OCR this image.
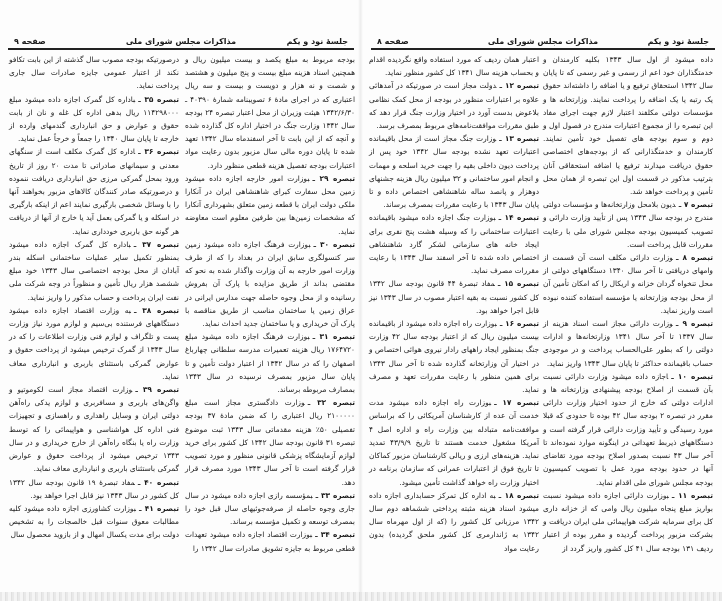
جلسهٔ نود و یکم
مذاکرات مجلس شورای ملی
صفحه ۹

بودجه مربوط به مبلغ یکصد و بیست میلیون ریال و همچنین اسناد هزینه مبلغ بیست و پنج میلیون و هشتصد و شصت و نه هزار و دویست و بیست و سه ریال اعتباری که در اجرای مادهٔ ۶ تصویبنامه شمارهٔ ۴۰۳۹۰ ـ ۱۳۴۲/۶/۳۰ هیئت وزیران از محل اعتبار تبصره ۲۴ بودجه سال ۱۳۴۲ وزارت جنگ در اختیار اداره کل گذارده شده و آنچه که از این بابت تا آخر اسفندماه سال ۱۳۴۲ تعهد شده تا پایان دوره مالی سال مزبور بدون رعایت مواد اعتبارات بودجه تفصیل هزینه قطعی منظور دارد.

تبصره ۲۹ ـبوزارت امور خارجه اجازه داده میشود زمین محل سفارت کبرای شاهنشاهی ایران در آنکارا ملکی دولت ایران با قطعه زمین متعلق بشهرداری آنکارا که مشخصات زمین‌ها بین طرفین معلوم است معاوضه نماید.

تبصره ۳۰ ـبوزارت فرهنگ اجازه داده میشود زمین سر کنسولگری سابق ایران در بغداد را که از طرف وزارت امور خارجه به آن وزارت واگذار شده به نحو که مقتضی بداند از طریق مزایده با پارک آن بفروش رسانیده و از محل وجوه حاصله جهت مدارس ایرانی در عراق زمین یا ساختمان مناسب از طریق مناقصه با پارک آن خریداری و یا ساختمان جدید احداث نماید.

تبصره ۳۱ ـبوزارت فرهنگ اجازه داده میشود مبلغ ۱۷۶۴۷۲۰ ریال هزینه تعمیرات مدرسه سلطانی چهارباغ اصفهان را که در سال ۱۳۴۲ از اعتبار دولت تأمین و تا پایان سال مزبور بمصرف نرسیده در سال ۱۳۴۳ بمصارف مربوطه برساند.

تبصره ۳۲ ـوزارت دادگستری مجاز است مبلغ ۲۱۰۰۰۰۰ ریال اعتباری را که ضمن مادهٔ ۳۷ بودجه تفصیلی ۵۰٪ هزینه مقدماتی سال ۱۳۴۳ ثبت موضوع تبصره ۳۱ قانون بودجه سال ۱۳۴۲ کل کشور برای خرید لوازم آزمایشگاه پزشکی قانونی منظور و مورد تصویب قرار گرفته است تا آخر سال ۱۳۴۳ مورد مصرف قرار دهد.

تبصره ۳۳ ـبمؤسسه رازی اجازه داده میشود در سال جاری وجوه حاصله از صرفه‌جوئیهای سال قبل خود را بمصرف توسعه و تکمیل مؤسسه برساند.

تبصره ۳۴ ـبوزارت اقتصاد اجازه داده میشود تعهدات قطعی مربوط به جایزه تشویق صادرات سال ۱۳۴۲ را

درصورتیکه بودجه مصوب سال گذشته از این بابت تکافو نکند از اعتبار عمومی جایزه صادرات سال جاری پرداخت نماید.

تبصره ۳۵ ـباداره کل گمرک اجازه داده میشود مبلغ ۱۱۴۲۹۸۰۰۰ ریال بدهی اداره کل غله و نان از بابت حقوق و عوارض و حق انبارداری گندمهای وارده از خارجه تا پایان سال ۱۳۴۰ را جمعاً و خرجاً عمل نماید.

تبصره ۳۶ ـاداره کل گمرک مکلف است از سنگهای معدنی و سیمانهای صادراتی تا مدت ۲۰ روز از تاریخ ورود بمحل گمرکی مرزی حق انبارداری دریافت ننموده و درصورتیکه صادر کنندگان کالاهای مزبور بخواهند آنها را با وسائل شخصی بارگیری نمایند اعم از اینکه بارگیری در اسکله و یا گمرکی بعمل آید یا خارج از آنها از دریافت هر گونه حق باربری خودداری نماید.

تبصره ۳۷ ـباداره کل گمرک اجازه داده میشود بمنظور تکمیل سایر عملیات ساختمانی اسکله بندر آبادان از محل بودجه اختصاصی سال ۱۳۴۳ خود مبلغ ششصد هزار ریال تأمین و منظوراً در وجه شرکت ملی نفت ایران پرداخت و حساب مذکور را واریز نماید.

تبصره ۳۸ ـبه وزارت اقتصاد اجازه داده میشود دستگاههای فرستنده بی‌سیم و لوازم مورد نیاز وزارت پست و تلگراف و لوازم فنی وزارت اطلاعات را که در سال ۱۳۴۳ از گمرک ترخیص میشود از پرداخت حقوق و عوارض گمرکی باستثنای باربری و انبارداری معاف نماید.

تبصره ۳۹ ـوزارت اقتصاد مجاز است لکوموتیو و واگن‌های باربری و مسافربری و لوازم یدکی راه‌آهن دولتی ایران و وسایل راهداری و راهسازی و تجهیزات فنی اداره کل هواشناسی و هواپیمائی را که توسط وزارت راه یا بنگاه راه‌آهن از خارج خریداری و در سال ۱۳۴۳ ترخیص میشود از پرداخت حقوق و عوارض گمرکی باستثنای باربری و انبارداری معاف نماید.

تبصره ۴۰ ـمفاد تبصرهٔ ۱۹ قانون بودجه سال ۱۳۴۲ کل کشور در سال ۱۳۴۳ نیز قابل اجرا خواهد بود.

تبصره ۴۱ ـبوزارت کشاورزی اجازه داده میشود کلیه مطالبات معوق سنوات قبل خالصجات را به تشخیص دولت برای مدت یکسال امهال و از بازوید محصول سال

جلسهٔ نود و یکم
مذاکرات مجلس شورای ملی
صفحه ۸

داده میشود از اول سال ۱۳۴۳ بکلیه کارمندان و خدمتگذاران خود اعم از رسمی و غیر رسمی که تا پایان سال ۱۳۴۲ استحقاق ترفیع و یا اضافه را داشته‌اند حقوق یک رتبه یا یک اضافه را پرداخت نمایند. وزارتخانه ها و مؤسسات دولتی مکلفند اعتبار لازم جهت اجرای مفاد این تبصره را از مجموع اعتبارات مندرج در فصول اول و دوم و سوم بودجه های تفصیل خود تأمین نمایند. کارمندان و خدمتگذارانی که از بودجه‌های اختصاصی حقوق دریافت میدارند ترفیع یا اضافه استحقاقی آنان بترتیب مذکور در قسمت اول این تبصره از همان محل تأمین و پرداخت خواهد شد.

تبصره ۷ ـدیون بلامحل وزارتخانه‌ها و مؤسسات دولتی مندرج در بودجه سال ۱۳۴۳ پس از تأیید وزارت دارائی و تصویب کمیسیون بودجه مجلس شورای ملی با رعایت مقررات قابل پرداخت است.

تبصره ۸ ـوزارت دارائی مکلف است آن قسمت از وامهای دریافتی تا آخر سال ۱۳۴۰ دستگاههای دولتی از محل تنخواه گردان خزانه و اریکال را که امکان تأمین آن از محل بودجه وزارتخانه یا مؤسسه استفاده کننده نبوده است واریز نماید.

تبصره ۹ ـوزارت دارائی مجاز است اسناد هزینه از سال ۱۳۳۷ تا آخر سال ۱۳۴۱ وزارتخانه‌ها و ادارات دولتی را که بطور علی‌الحساب پرداخت و در موجودی حساب باقیمانده حداکثر تا پایان سال ۱۳۴۳ واریز نماید.

تبصره ۱۰ ـاجازه داده میشود وزارت دارائی نسبت بآن قسمت از اصلاح بودجه پیشنهادی وزارتخانه ها و ادارات دولتی که خارج از حدود اختیار وزارت دارائی مقرر در تبصره ۲ بودجه سال ۴۲ بوده تا حدودی که قبلا مورد رسیدگی و تأیید وزارت دارائی قرار گرفته است و دستگاههای ذیربط تعهداتی در اینگونه موارد نموده‌اند تا آخر سال ۴۳ نسبت بصدور اصلاح بودجه مورد تقاضای آنها در حدود بودجه مورد عمل با تصویب کمیسیون بودجه مجلس شورای ملی اقدام نماید.

تبصره ۱۱ ـبوزارت دارائی اجازه داده میشود نسبت بواریز مبلغ پنجاه میلیون ریال وامی که از خزانه داری کل برای سرمایه شرکت هواپیمائی ملی ایران دریافت و بشرکت مزبور پرداخت گردیده و مقرر بوده از اعتبار ردیف ۱۳۱ بودجه سال ۴۱ کل کشور واریز گردد از

اعتبار همان ردیف که مورد استفاده واقع نگردیده اقدام و بحساب هزینه سال ۱۳۴۱ کل کشور منظور نماید.

تبصره ۱۲ ـدولت مجاز است در صورتیکه در آمدهائی علاوه بر اعتبارات منظور در بودجه از محل کمک نظامی بلاعوض بدست آورد در اختیار وزارت جنگ قرار دهد که طبق مقررات موافقت‌نامه‌های مربوط بمصرف برسد.

تبصره ۱۳ ـوزارت جنگ مجاز است از محل باقیمانده اعتبارات تعهد نشده بودجه سال ۱۳۴۲ خود پس از پرداخت دیون داخلی بقیه را جهت خرید اسلحه و مهمات و انجام امور ساختمانی و ۳۲ میلیون ریال هزینه جشنهای دوهزار و پانصد ساله شاهنشاهی اختصاص داده و تا پایان سال ۱۳۴۳ با رعایت مقررات بمصرف برساند.

تبصره ۱۴ ـبوزارت جنگ اجازه داده میشود باقیمانده اعتبارات ساختمانی را که وسیله هشت پنج نفری برای ایجاد خانه های سازمانی لشکر گارد شاهنشاهی اختصاص داده شده تا آخر اسفند سال ۱۳۴۳ با رعایت مقررات مصرف نماید.

تبصره ۱۵ ـمفاد تبصرهٔ ۴۴ قانون بودجه سال ۱۳۴۲ کل کشور نسبت به بقیه اعتبار مصوب در سال ۱۳۴۳ نیز قابل اجرا خواهد بود.

تبصره ۱۶ ـبوزارت راه اجازه داده میشود از باقیمانده بیست میلیون ریال که از اعتبار بودجه سال ۴۲ وزارت جنگ بمنظور ایجاد راههای رادار نیروی هوائی اختصاص و در اختیار آن وزارتخانه گذارده شده تا آخر سال ۱۳۴۳ برای همین منظور با رعایت مقررات تعهد و مصرف نماید.

تبصره ۱۷ ـبوزارت راه اجازه داده میشود مدت خدمت آن عده از کارشناسان آمریکائی را که براساس موافقت‌نامه متبادله بین وزارت راه و اداره اصل ۴ آمریکا مشغول خدمت هستند تا تاریخ ۴۳/۹/۹ تمدید نماید. هزینه‌های ارزی و ریالی کارشناسان مزبور کماکان تا تاریخ فوق از اعتبارات عمرانی که سازمان برنامه در اختیار وزارت راه خواهد گذاشت تأمین میشود.

تبصره ۱۸ ـبه اداره کل تمرکز حسابداری اجازه داده میشود اسناد هزینه مثبته پرداختی ششماهه دوم سال ۱۳۴۲ مرزبانی کل کشور را (که از اول مهرماه سال ۱۳۴۲ به ژاندارمری کل کشور ملحق گردیده) بدون رعایت مواد
